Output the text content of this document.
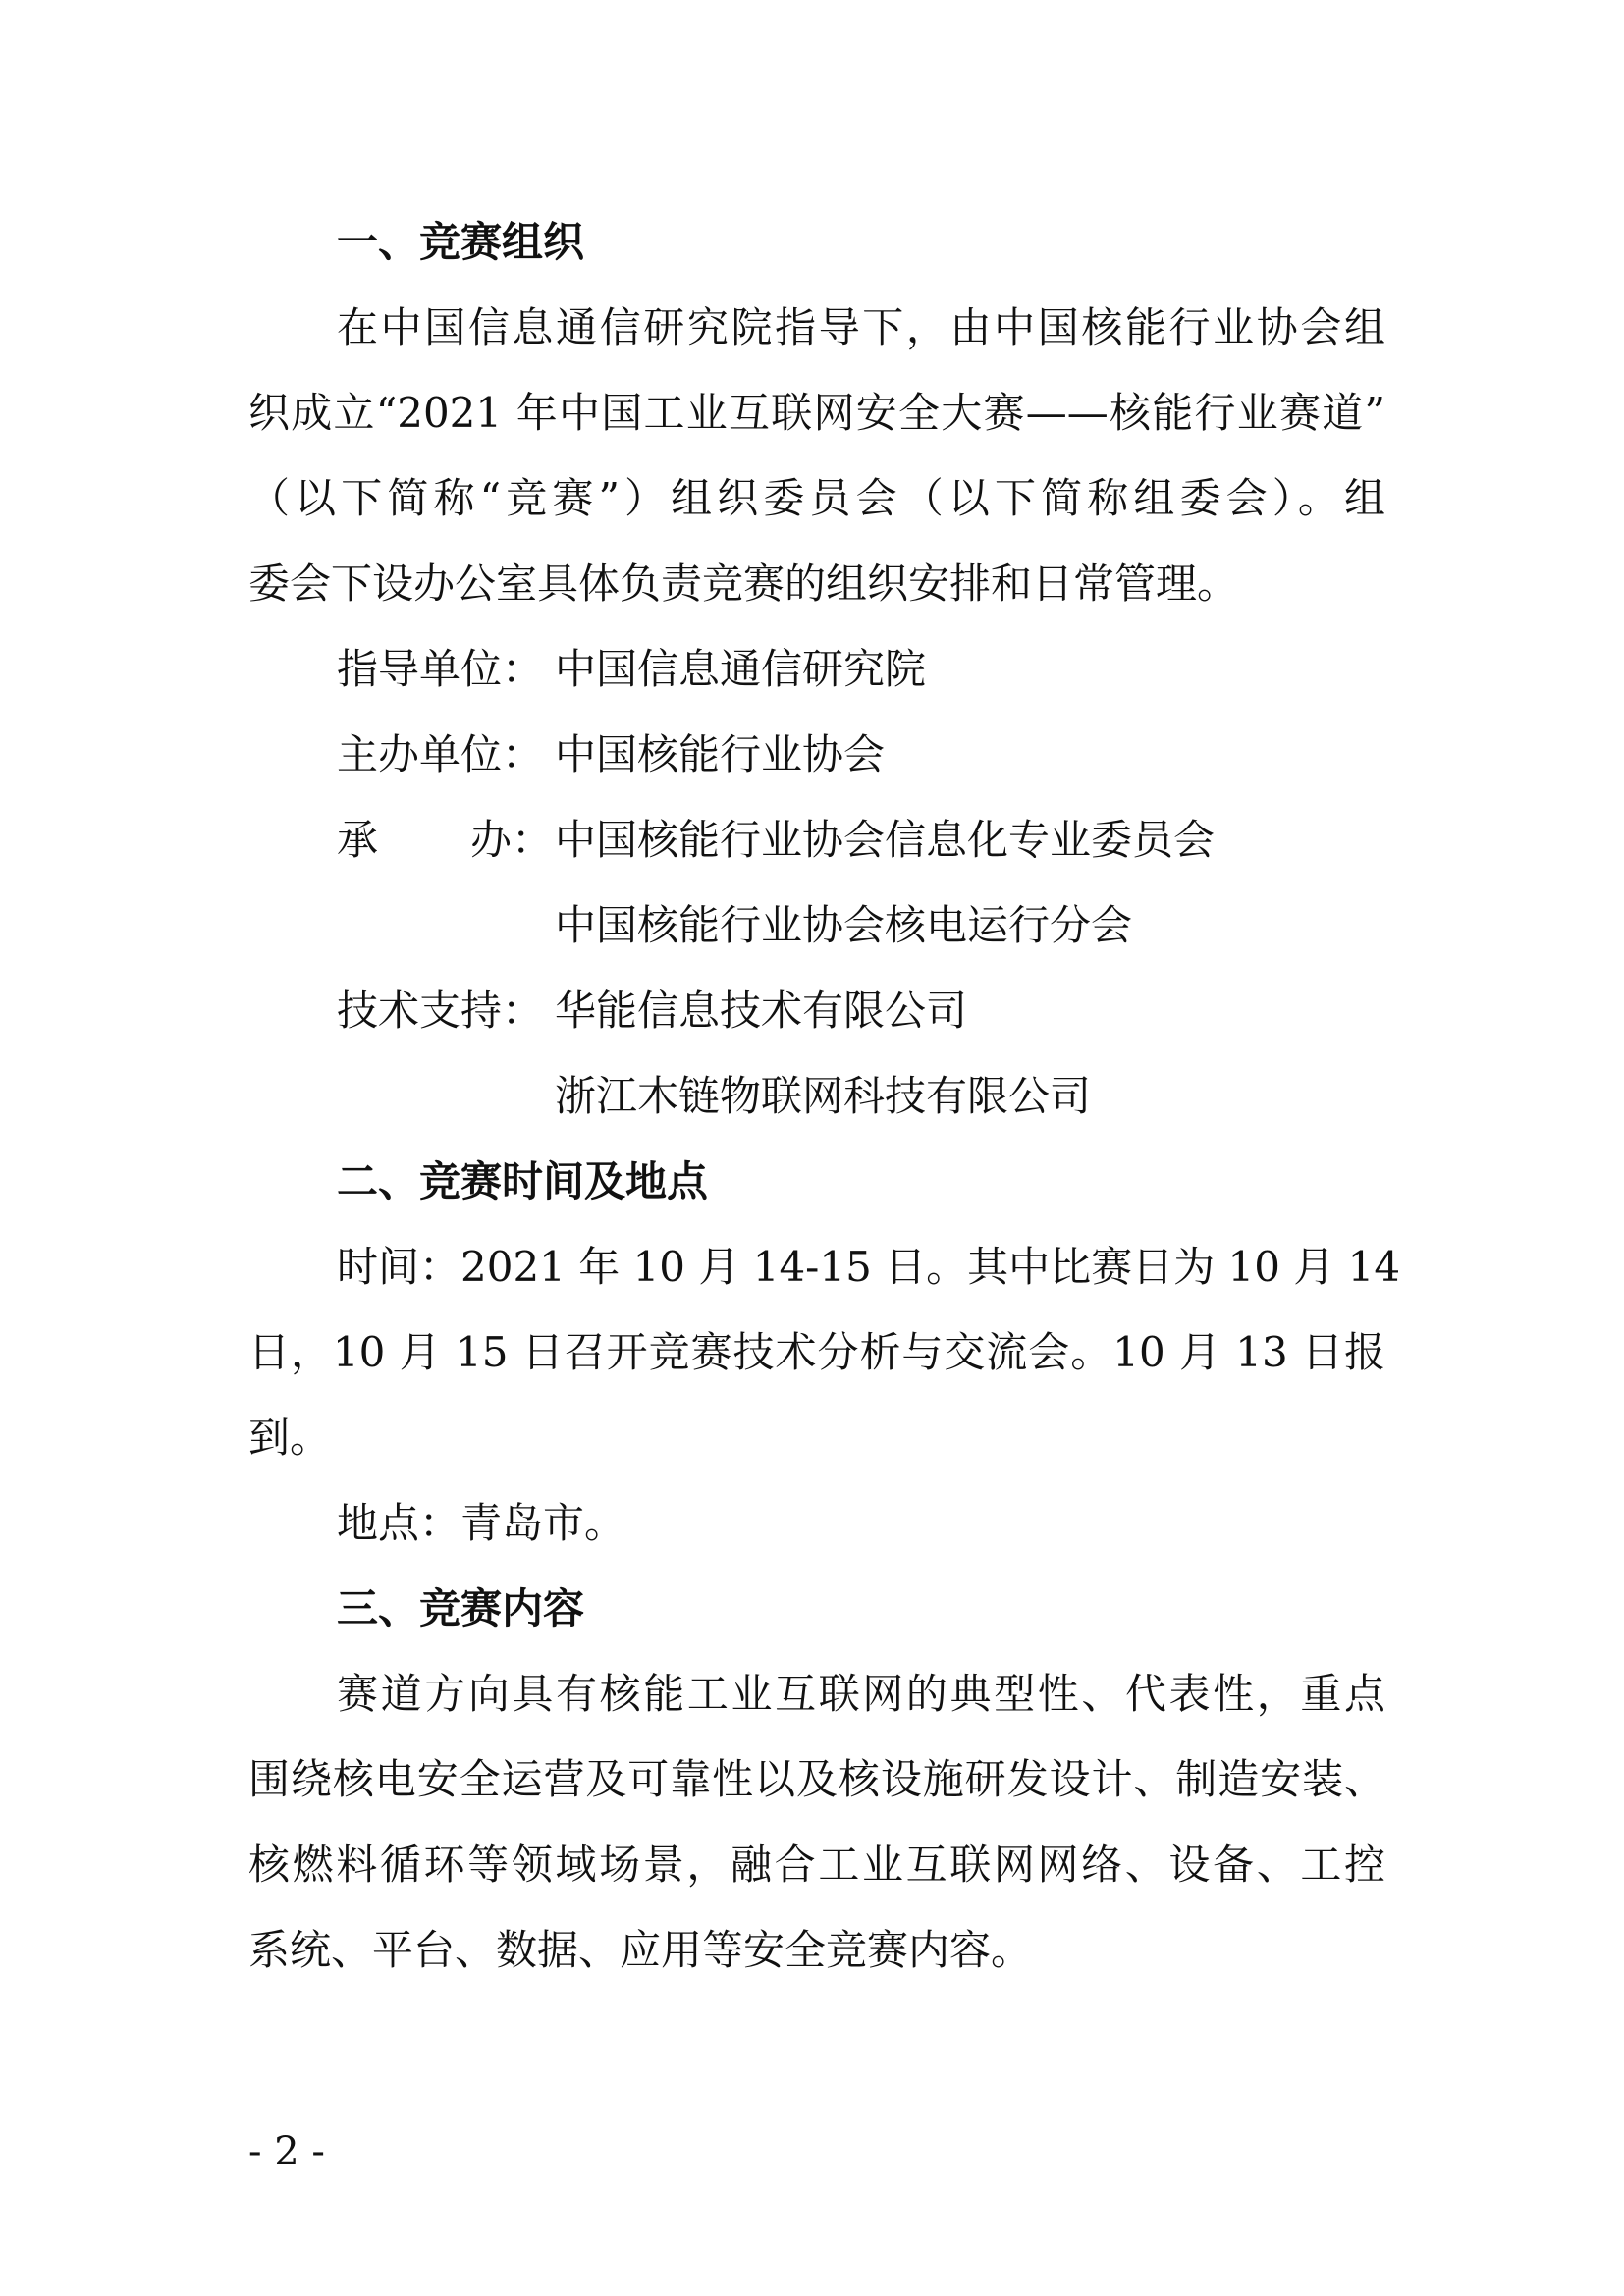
一、竞赛组织
在中国信息通信研究院指导下，由中国核能行业协会组
织成立“2021 年中国工业互联网安全大赛——核能行业赛道”
（以下简称“竞赛”）组织委员会（以下简称组委会）。组
委会下设办公室具体负责竞赛的组织安排和日常管理。
指导单位： 中国信息通信研究院
主办单位： 中国核能行业协会
承 办： 中国核能行业协会信息化专业委员会
中国核能行业协会核电运行分会
技术支持： 华能信息技术有限公司
浙江木链物联网科技有限公司
二、竞赛时间及地点
时间：2021 年 10 月 14-15 日。其中比赛日为 10 月 14
日，10 月 15 日召开竞赛技术分析与交流会。10 月 13 日报
到。
地点：青岛市。
三、竞赛内容
赛道方向具有核能工业互联网的典型性、代表性，重点
围绕核电安全运营及可靠性以及核设施研发设计、制造安装、
核燃料循环等领域场景，融合工业互联网网络、设备、工控
系统、平台、数据、应用等安全竞赛内容。
- 2 -
